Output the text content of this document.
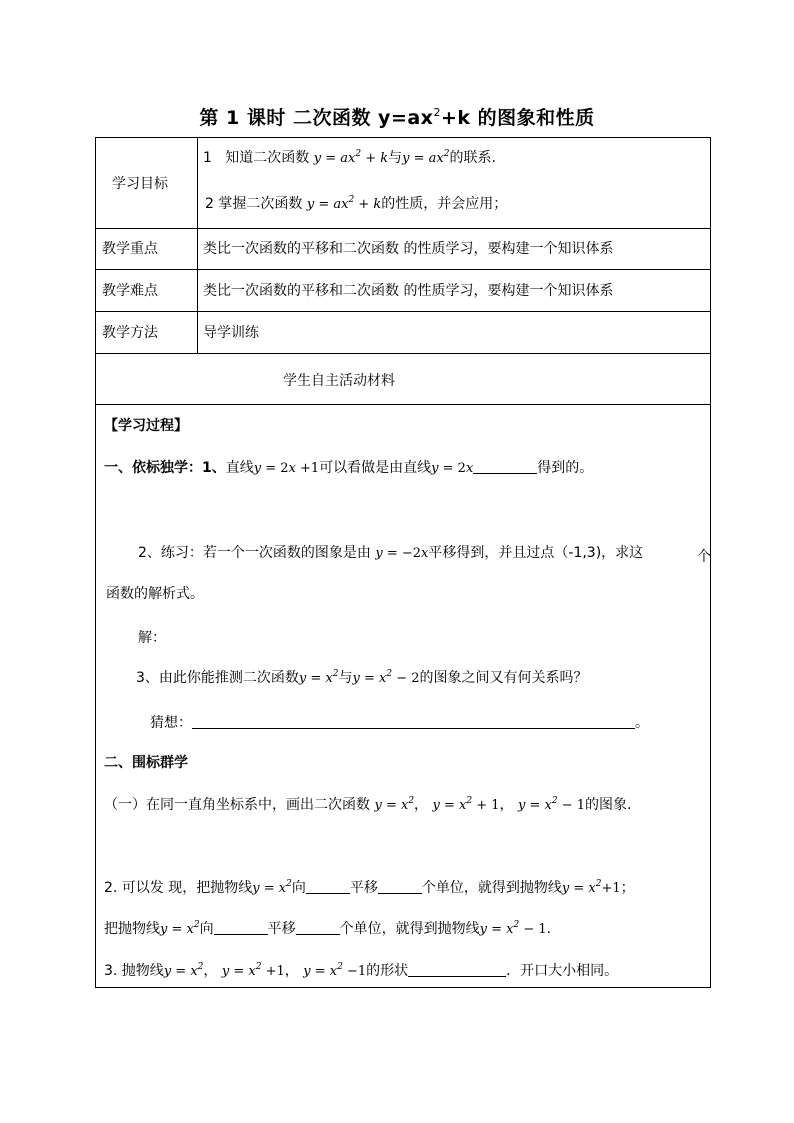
第 1 课时 二次函数 $y=ax^2+k$ 的图象和性质
学习目标
1 知道二次函数 $y = ax^2 + k$与$y = ax^2$的联系.
2 掌握二次函数 $y = ax^2 + k$的性质，并会应用；
教学重点	类比一次函数的平移和二次函数 的性质学习，要构建一个知识体系
教学难点	类比一次函数的平移和二次函数 的性质学习，要构建一个知识体系
教学方法	导学训练
学生自主活动材料
【学习过程】
一、依标独学：1、直线y = 2x +1可以看做是由直线y = 2x	得到的。
2、练习：若一个一次函数的图象是由 y = −2x平移得到，并且过点（-1,3)，求这	个
函数的解析式。
解：
3、由此你能推测二次函数$y = x^2$与$y = x^2 - 2$的图象之间又有何关系吗？
猜想：	。
二、围标群学
（一）在同一直角坐标系中，画出二次函数 $y = x^2$， $y = x^2 + 1$， $y = x^2 - 1$的图象.
2. 可以发 现，把抛物线$y = x^2$向	平移	个单位，就得到抛物线$y = x^2+1$；
把抛物线$y = x^2$向	平移	个单位，就得到抛物线$y = x^2 - 1$.
3. 抛物线$y = x^2$， $y = x^2 +1$， $y = x^2 -1$的形状	．开口大小相同。
